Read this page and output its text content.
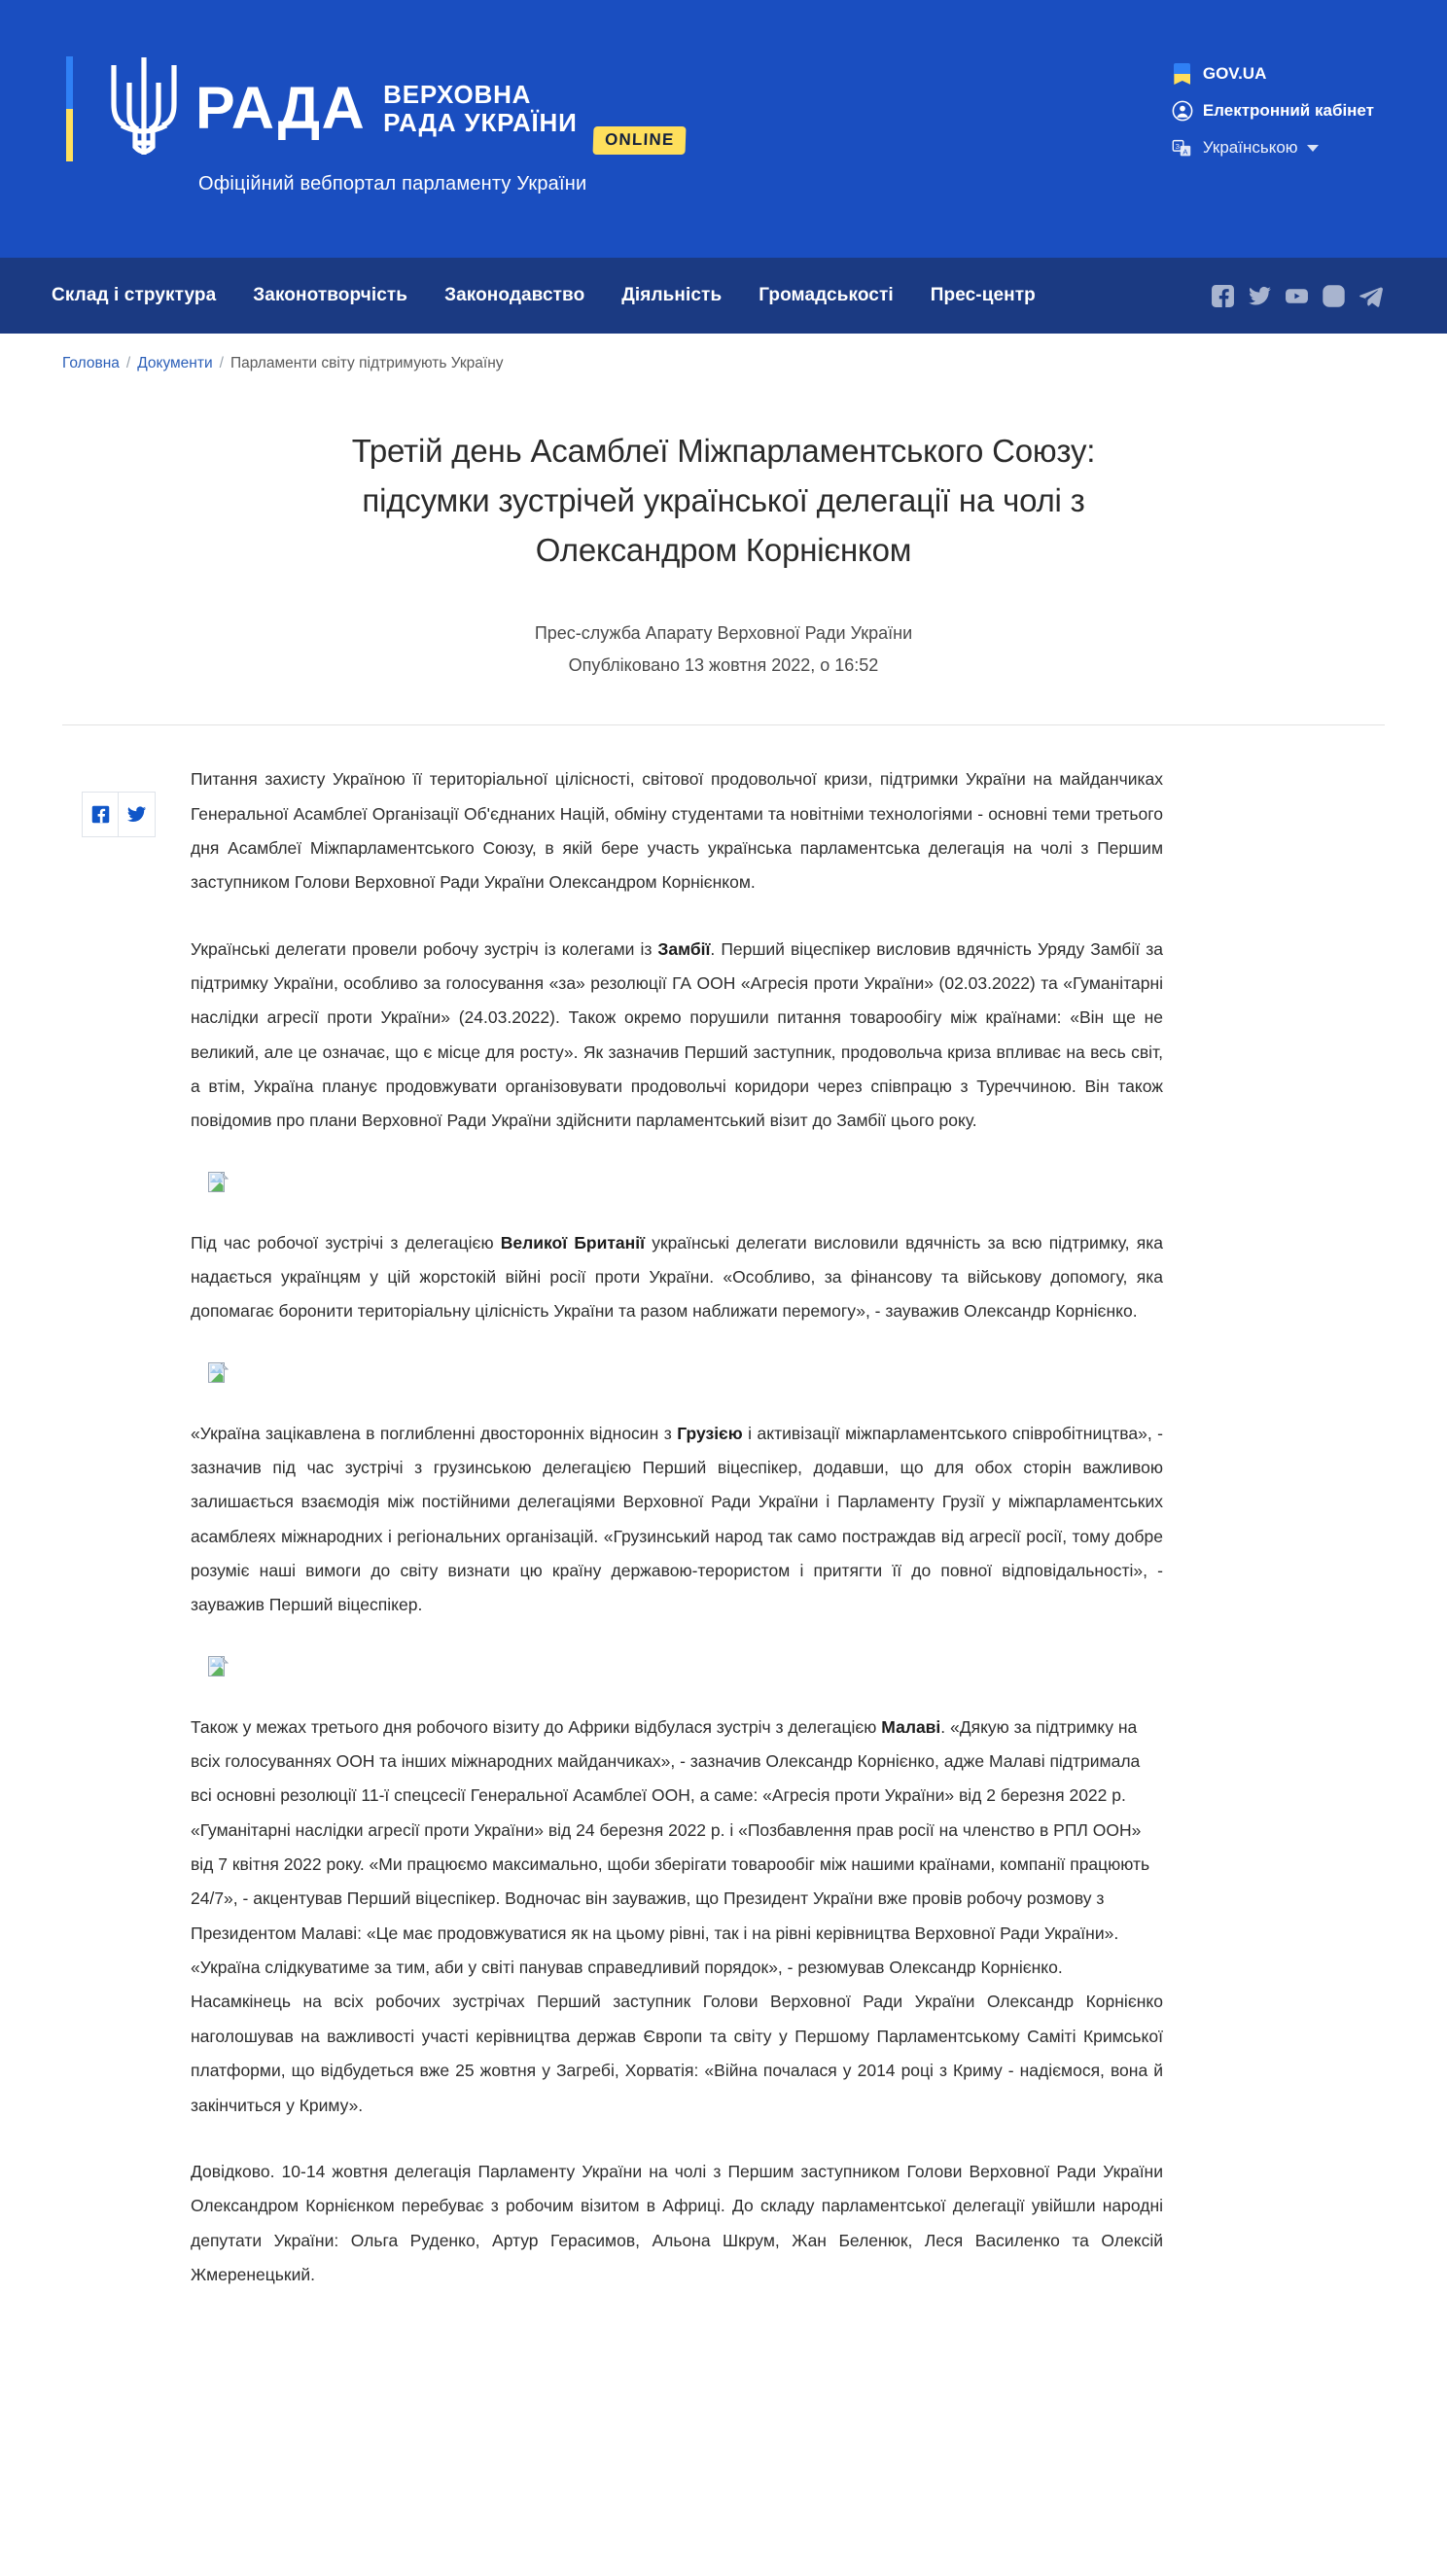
РАДА ВЕРХОВНА
РАДА УКРАЇНИ
ONLINE
Офіційний вебпортал парламенту України
GOV.UA
Електронний кабінет
З
A Українською
Склад і структура Законотворчість Законодавство Діяльність Громадськості Прес-центр
Головна / Документи / Парламенти світу підтримують Україну
Третій день Асамблеї Міжпарламентського Союзу: підсумки зустрічей української делегації на чолі з Олександром Корнієнком
Прес-служба Апарату Верховної Ради України
Опубліковано 13 жовтня 2022, о 16:52

Питання захисту Україною її територіальної цілісності, світової продовольчої кризи, підтримки України на майданчиках Генеральної Асамблеї Організації Об'єднаних Націй, обміну студентами та новітніми технологіями - основні теми третього дня Асамблеї Міжпарламентського Союзу, в якій бере участь українська парламентська делегація на чолі з Першим заступником Голови Верховної Ради України Олександром Корнієнком.

Українські делегати провели робочу зустріч із колегами із Замбії. Перший віцеспікер висловив вдячність Уряду Замбії за підтримку України, особливо за голосування «за» резолюції ГА ООН «Агресія проти України» (02.03.2022) та «Гуманітарні наслідки агресії проти України» (24.03.2022). Також окремо порушили питання товарообігу між країнами: «Він ще не великий, але це означає, що є місце для росту». Як зазначив Перший заступник, продовольча криза впливає на весь світ, а втім, Україна планує продовжувати організовувати продовольчі коридори через співпрацю з Туреччиною. Він також повідомив про плани Верховної Ради України здійснити парламентський візит до Замбії цього року.

Під час робочої зустрічі з делегацією Великої Британії українські делегати висловили вдячність за всю підтримку, яка надається українцям у цій жорстокій війні росії проти України. «Особливо, за фінансову та військову допомогу, яка допомагає боронити територіальну цілісність України та разом наближати перемогу», - зауважив Олександр Корнієнко.

«Україна зацікавлена в поглибленні двосторонніх відносин з Грузією і активізації міжпарламентського співробітництва», - зазначив під час зустрічі з грузинською делегацією Перший віцеспікер, додавши, що для обох сторін важливою залишається взаємодія між постійними делегаціями Верховної Ради України і Парламенту Грузії у міжпарламентських асамблеях міжнародних і регіональних організацій. «Грузинський народ так само постраждав від агресії росії, тому добре розуміє наші вимоги до світу визнати цю країну державою-терористом і притягти її до повної відповідальності», - зауважив Перший віцеспікер.

Також у межах третього дня робочого візиту до Африки відбулася зустріч з делегацією Малаві. «Дякую за підтримку на всіх голосуваннях ООН та інших міжнародних майданчиках», - зазначив Олександр Корнієнко, адже Малаві підтримала всі основні резолюції 11-ї спецсесії Генеральної Асамблеї ООН, а саме: «Агресія проти України» від 2 березня 2022 р. «Гуманітарні наслідки агресії проти України» від 24 березня 2022 р. і «Позбавлення прав росії на членство в РПЛ ООН» від 7 квітня 2022 року. «Ми працюємо максимально, щоби зберігати товарообіг між нашими країнами, компанії працюють 24/7», - акцентував Перший віцеспікер. Водночас він зауважив, що Президент України вже провів робочу розмову з Президентом Малаві: «Це має продовжуватися як на цьому рівні, так і на рівні керівництва Верховної Ради України». «Україна слідкуватиме за тим, аби у світі панував справедливий порядок», - резюмував Олександр Корнієнко.

Насамкінець на всіх робочих зустрічах Перший заступник Голови Верховної Ради України Олександр Корнієнко наголошував на важливості участі керівництва держав Європи та світу у Першому Парламентському Саміті Кримської платформи, що відбудеться вже 25 жовтня у Загребі, Хорватія: «Війна почалася у 2014 році з Криму - надіємося, вона й закінчиться у Криму».

Довідково. 10-14 жовтня делегація Парламенту України на чолі з Першим заступником Голови Верховної Ради України Олександром Корнієнком перебуває з робочим візитом в Африці. До складу парламентської делегації увійшли народні депутати України: Ольга Руденко, Артур Герасимов, Альона Шкрум, Жан Беленюк, Леся Василенко та Олексій Жмеренецький.
